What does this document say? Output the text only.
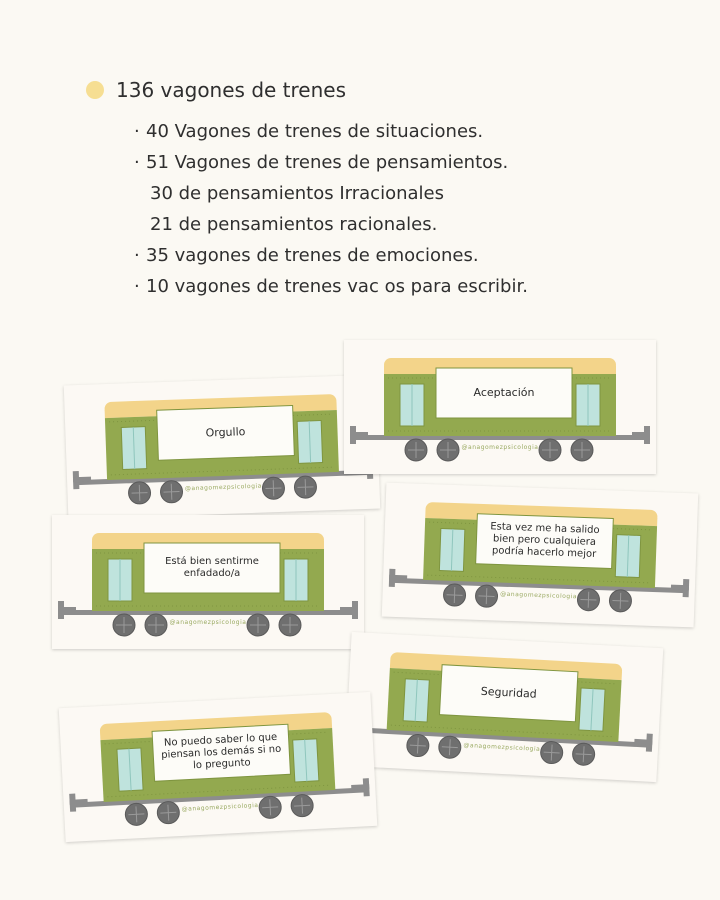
136 vagones de trenes
· 40 Vagones de trenes de situaciones.
· 51 Vagones de trenes de pensamientos.
30 de pensamientos Irracionales
21 de pensamientos racionales.
· 35 vagones de trenes de emociones.
· 10 vagones de trenes vac os para escribir.
Orgullo
@anagomezpsicologia
Aceptación
@anagomezpsicologia
Está bien sentirme enfadado/a
@anagomezpsicologia
Esta vez me ha salido bien pero cualquiera podría hacerlo mejor
@anagomezpsicologia
Seguridad
@anagomezpsicologia
No puedo saber lo que piensan los demás si no lo pregunto
@anagomezpsicologia
